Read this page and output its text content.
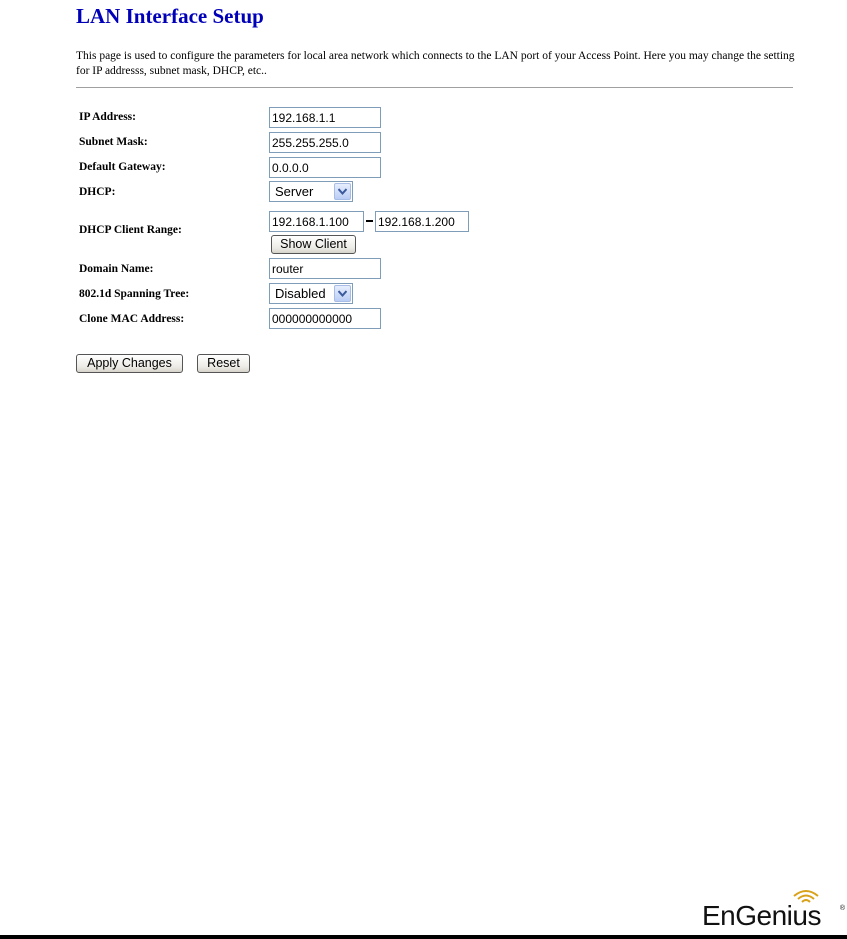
LAN Interface Setup

This page is used to configure the parameters for local area network which connects to the LAN port of your Access Point. Here you may change the setting for IP addresss, subnet mask, DHCP, etc..

IP Address:
192.168.1.1
Subnet Mask:
255.255.255.0
Default Gateway:
0.0.0.0
DHCP:	Server
DHCP Client Range:
192.168.1.100
192.168.1.200
Show Client
Domain Name:
router
802.1d Spanning Tree:	Disabled
Clone MAC Address:
000000000000
Apply Changes	Reset
EnGenius	®
